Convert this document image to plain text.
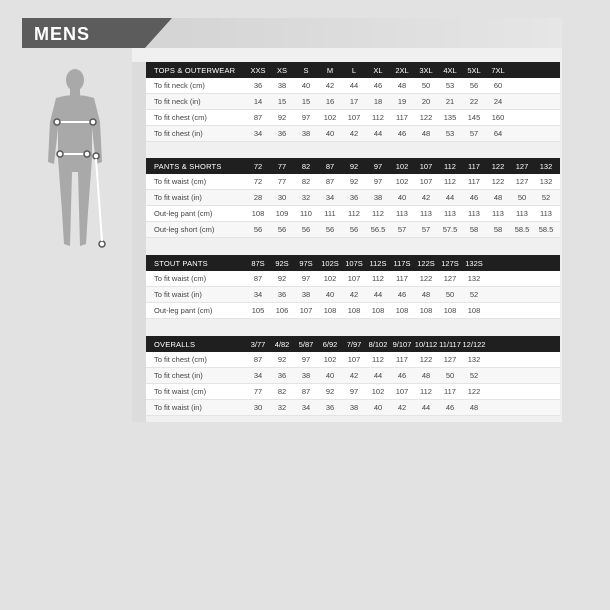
MENS
TOPS & OUTERWEAR	XXS	XS	S	M	L	XL	2XL	3XL	4XL	5XL	7XL
To fit neck (cm)	36	38	40	42	44	46	48	50	53	56	60
To fit neck (in)	14	15	15	16	17	18	19	20	21	22	24
To fit chest (cm)	87	92	97	102	107	112	117	122	135	145	160
To fit chest (in)	34	36	38	40	42	44	46	48	53	57	64
PANTS & SHORTS	72	77	82	87	92	97	102	107	112	117	122	127	132
To fit waist (cm)	72	77	82	87	92	97	102	107	112	117	122	127	132
To fit waist (in)	28	30	32	34	36	38	40	42	44	46	48	50	52
Out-leg pant (cm)	108	109	110	111	112	112	113	113	113	113	113	113	113
Out-leg short (cm)	56	56	56	56	56	56.5	57	57	57.5	58	58	58.5	58.5
STOUT PANTS	87S	92S	97S	102S 107S 112S 117S 122S 127S 132S
To fit waist (cm)	87	92	97	102	107	112	117	122	127	132
To fit waist (in)	34	36	38	40	42	44	46	48	50	52
Out-leg pant (cm)	105	106	107	108	108	108	108	108	108	108
OVERALLS	3/77	4/82	5/87	6/92	7/97 8/102 9/107 10/112 11/117 12/122
To fit chest (cm)	87	92	97	102	107	112	117	122	127	132
To fit chest (in)	34	36	38	40	42	44	46	48	50	52
To fit waist (cm)	77	82	87	92	97	102	107	112	117	122
To fit waist (in)	30	32	34	36	38	40	42	44	46	48
